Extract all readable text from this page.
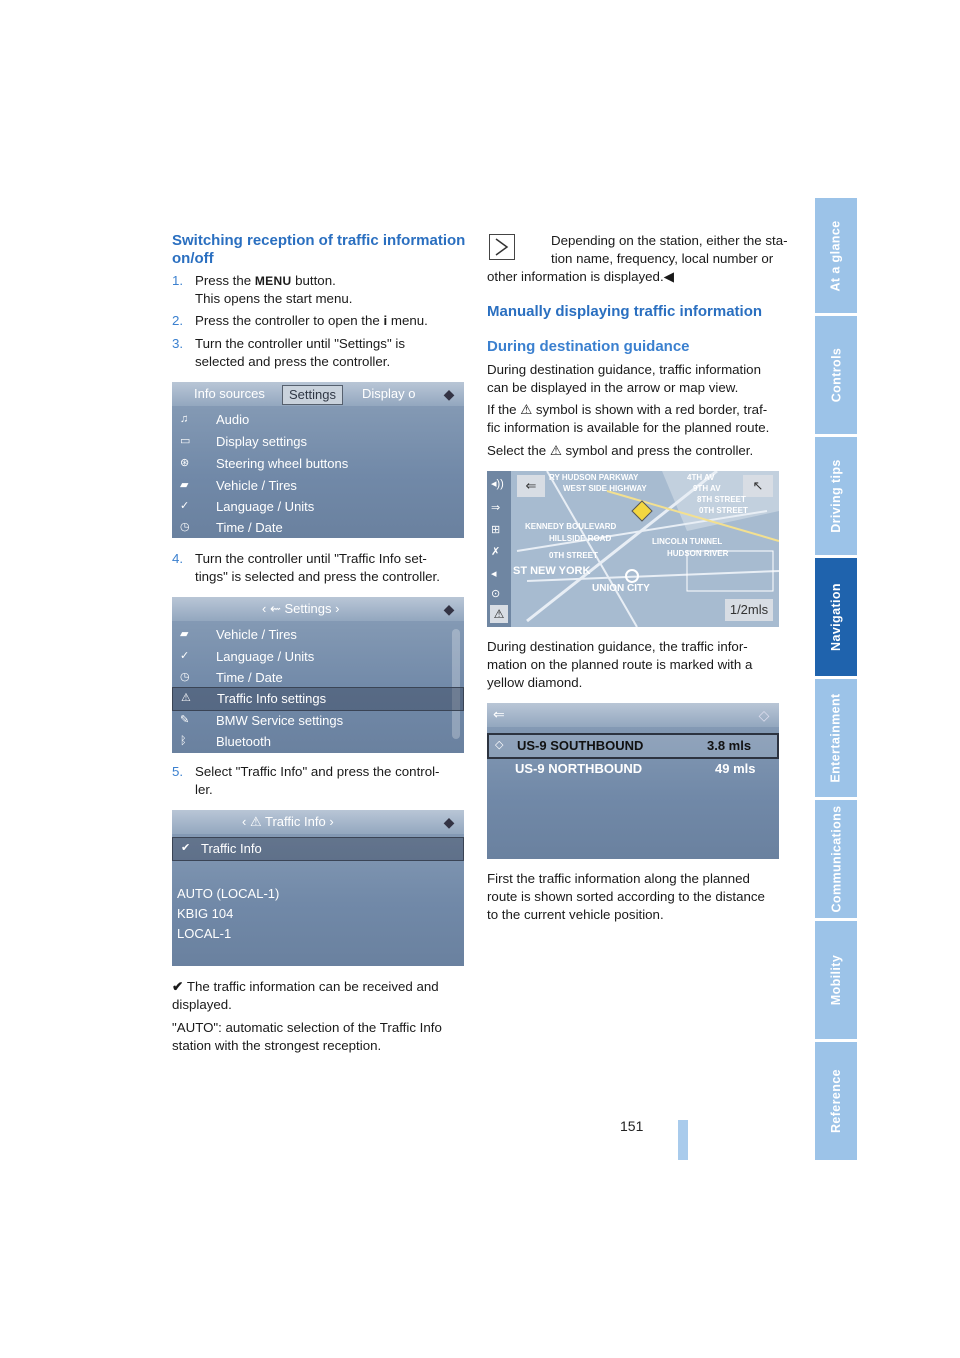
At a glance
Controls
Driving tips
Navigation
Entertainment
Communications
Mobility
Reference
Switching reception of traffic information on/off
1. Press the MENU button.
This opens the start menu.
2. Press the controller to open the i menu.
3. Turn the controller until "Settings" is
selected and press the controller.
Info sources	Settings	Display o	◆
♫	Audio
▭	Display settings
⊛	Steering wheel buttons
▰	Vehicle / Tires
✓	Language / Units
◷	Time / Date
4. Turn the controller until "Traffic Info set-
tings" is selected and press the controller.
‹ ⇜ Settings ›	◆
▰	Vehicle / Tires
✓	Language / Units
◷	Time / Date
⚠	Traffic Info settings
✎	BMW Service settings
ᛒ	Bluetooth
5. Select "Traffic Info" and press the control-
ler.
‹ ⚠ Traffic Info ›	◆
✔ Traffic Info
AUTO (LOCAL-1)
KBIG 104
LOCAL-1

✔ The traffic information can be received and
displayed.

"AUTO": automatic selection of the Traffic Info
station with the strongest reception.

Depending on the station, either the sta-
tion name, frequency, local number or

other information is displayed.◀

Manually displaying traffic information
During destination guidance

During destination guidance, traffic information
can be displayed in the arrow or map view.

If the ⚠ symbol is shown with a red border, traf-
fic information is available for the planned route.

Select the ⚠ symbol and press the controller.

◂))
⇒
⊞
✗
◂
⊙
⚠
⇐	↖
RY HUDSON PARKWAY
WEST SIDE HIGHWAY
KENNEDY BOULEVARD
HILLSIDE ROAD
0TH STREET
ST NEW YORK
UNION CITY
LINCOLN TUNNEL
HUDSON RIVER
4TH AV
9TH AV
8TH STREET
0TH STREET
1/2mls

During destination guidance, the traffic infor-
mation on the planned route is marked with a
yellow diamond.

⇐	◇
◇	US-9 SOUTHBOUND	3.8 mls
US-9 NORTHBOUND	49 mls

First the traffic information along the planned
route is shown sorted according to the distance
to the current vehicle position.

151
